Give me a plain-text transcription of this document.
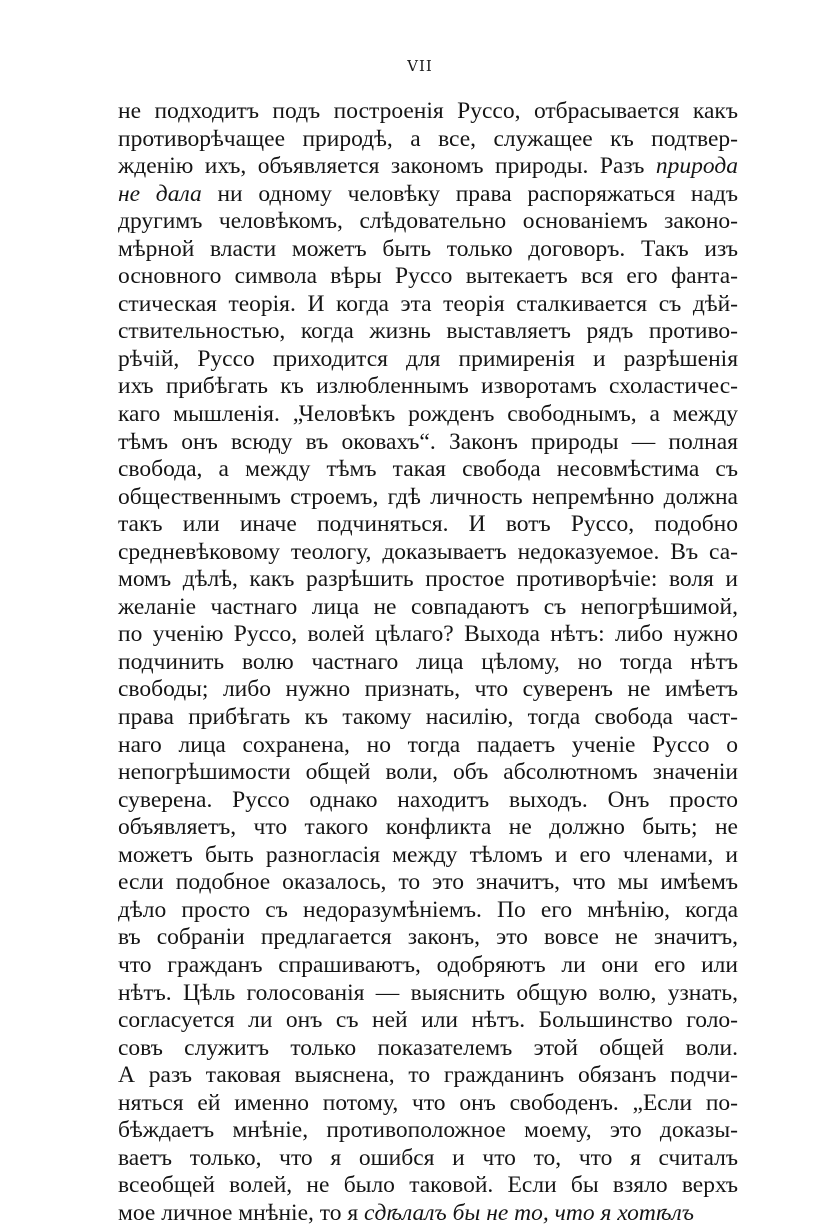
VII
не подходитъ подъ построенія Руссо, отбрасывается какъ
противорѣчащее природѣ, а все, служащее къ подтвер-
жденію ихъ, объявляется закономъ природы. Разъ природа
не дала ни одному человѣку права распоряжаться надъ
другимъ человѣкомъ, слѣдовательно основаніемъ законо-
мѣрной власти можетъ быть только договоръ. Такъ изъ
основного символа вѣры Руссо вытекаетъ вся его фанта-
стическая теорія. И когда эта теорія сталкивается съ дѣй-
ствительностью, когда жизнь выставляетъ рядъ противо-
рѣчій, Руссо приходится для примиренія и разрѣшенія
ихъ прибѣгать къ излюбленнымъ изворотамъ схоластичес-
каго мышленія. „Человѣкъ рожденъ свободнымъ, а между
тѣмъ онъ всюду въ оковахъ“. Законъ природы — полная
свобода, а между тѣмъ такая свобода несовмѣстима съ
общественнымъ строемъ, гдѣ личность непремѣнно должна
такъ или иначе подчиняться. И вотъ Руссо, подобно
средневѣковому теологу, доказываетъ недоказуемое. Въ са-
момъ дѣлѣ, какъ разрѣшить простое противорѣчіе: воля и
желаніе частнаго лица не совпадаютъ съ непогрѣшимой,
по ученію Руссо, волей цѣлаго? Выхода нѣтъ: либо нужно
подчинить волю частнаго лица цѣлому, но тогда нѣтъ
свободы; либо нужно признать, что суверенъ не имѣетъ
права прибѣгать къ такому насилію, тогда свобода част-
наго лица сохранена, но тогда падаетъ ученіе Руссо о
непогрѣшимости общей воли, объ абсолютномъ значеніи
суверена. Руссо однако находитъ выходъ. Онъ просто
объявляетъ, что такого конфликта не должно быть; не
можетъ быть разногласія между тѣломъ и его членами, и
если подобное оказалось, то это значитъ, что мы имѣемъ
дѣло просто съ недоразумѣніемъ. По его мнѣнію, когда
въ собраніи предлагается законъ, это вовсе не значитъ,
что гражданъ спрашиваютъ, одобряютъ ли они его или
нѣтъ. Цѣль голосованія — выяснить общую волю, узнать,
согласуется ли онъ съ ней или нѣтъ. Большинство голо-
совъ служитъ только показателемъ этой общей воли.
А разъ таковая выяснена, то гражданинъ обязанъ подчи-
няться ей именно потому, что онъ свободенъ. „Если по-
бѣждаетъ мнѣніе, противоположное моему, это доказы-
ваетъ только, что я ошибся и что то, что я считалъ
всеобщей волей, не было таковой. Если бы взяло верхъ
мое личное мнѣніе, то я сдѣлалъ бы не то, что я хотѣлъ
